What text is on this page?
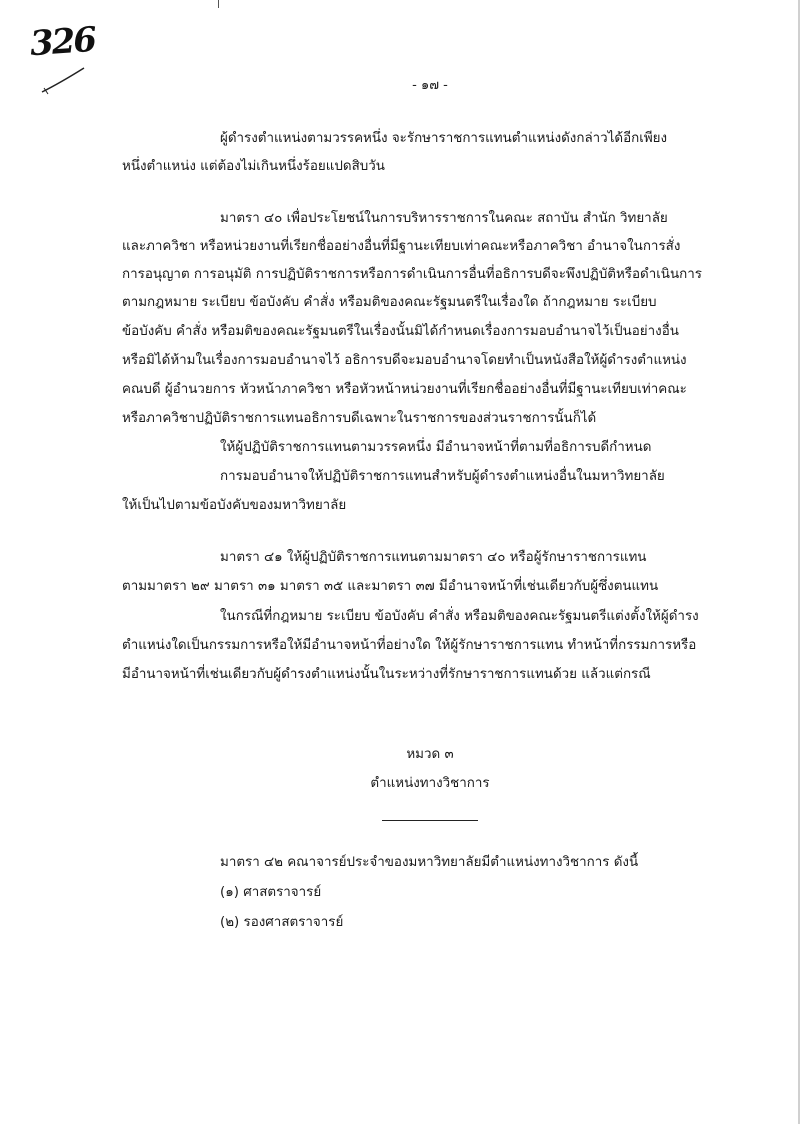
326
- ๑๗ -
ผู้ดำรงตำแหน่งตามวรรคหนึ่ง จะรักษาราชการแทนตำแหน่งดังกล่าวได้อีกเพียง
หนึ่งตำแหน่ง แต่ต้องไม่เกินหนึ่งร้อยแปดสิบวัน
มาตรา ๔๐ เพื่อประโยชน์ในการบริหารราชการในคณะ สถาบัน สำนัก วิทยาลัย
และภาควิชา หรือหน่วยงานที่เรียกชื่ออย่างอื่นที่มีฐานะเทียบเท่าคณะหรือภาควิชา อำนาจในการสั่ง
การอนุญาต การอนุมัติ การปฏิบัติราชการหรือการดำเนินการอื่นที่อธิการบดีจะพึงปฏิบัติหรือดำเนินการ
ตามกฎหมาย ระเบียบ ข้อบังคับ คำสั่ง หรือมติของคณะรัฐมนตรีในเรื่องใด ถ้ากฎหมาย ระเบียบ
ข้อบังคับ คำสั่ง หรือมติของคณะรัฐมนตรีในเรื่องนั้นมิได้กำหนดเรื่องการมอบอำนาจไว้เป็นอย่างอื่น
หรือมิได้ห้ามในเรื่องการมอบอำนาจไว้ อธิการบดีจะมอบอำนาจโดยทำเป็นหนังสือให้ผู้ดำรงตำแหน่ง
คณบดี ผู้อำนวยการ หัวหน้าภาควิชา หรือหัวหน้าหน่วยงานที่เรียกชื่ออย่างอื่นที่มีฐานะเทียบเท่าคณะ
หรือภาควิชาปฏิบัติราชการแทนอธิการบดีเฉพาะในราชการของส่วนราชการนั้นก็ได้
ให้ผู้ปฏิบัติราชการแทนตามวรรคหนึ่ง มีอำนาจหน้าที่ตามที่อธิการบดีกำหนด
การมอบอำนาจให้ปฏิบัติราชการแทนสำหรับผู้ดำรงตำแหน่งอื่นในมหาวิทยาลัย
ให้เป็นไปตามข้อบังคับของมหาวิทยาลัย
มาตรา ๔๑ ให้ผู้ปฏิบัติราชการแทนตามมาตรา ๔๐ หรือผู้รักษาราชการแทน
ตามมาตรา ๒๙ มาตรา ๓๑ มาตรา ๓๕ และมาตรา ๓๗ มีอำนาจหน้าที่เช่นเดียวกับผู้ซึ่งตนแทน
ในกรณีที่กฎหมาย ระเบียบ ข้อบังคับ คำสั่ง หรือมติของคณะรัฐมนตรีแต่งตั้งให้ผู้ดำรง
ตำแหน่งใดเป็นกรรมการหรือให้มีอำนาจหน้าที่อย่างใด ให้ผู้รักษาราชการแทน ทำหน้าที่กรรมการหรือ
มีอำนาจหน้าที่เช่นเดียวกับผู้ดำรงตำแหน่งนั้นในระหว่างที่รักษาราชการแทนด้วย แล้วแต่กรณี
หมวด ๓
ตำแหน่งทางวิชาการ
มาตรา ๔๒ คณาจารย์ประจำของมหาวิทยาลัยมีตำแหน่งทางวิชาการ ดังนี้
(๑) ศาสตราจารย์
(๒) รองศาสตราจารย์
